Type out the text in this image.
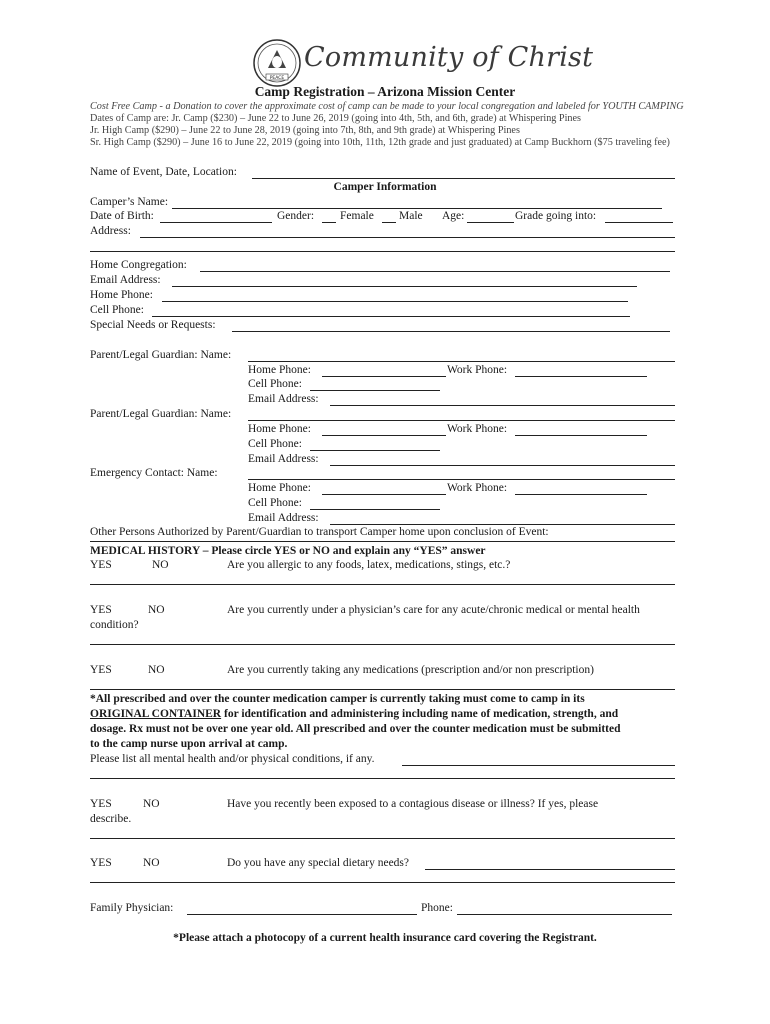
PEACE
Community of Christ
Camp Registration – Arizona Mission Center
Cost Free Camp - a Donation to cover the approximate cost of camp can be made to your local congregation and labeled for YOUTH CAMPING
Dates of Camp are: Jr. Camp ($230) – June 22 to June 26, 2019 (going into 4th, 5th, and 6th, grade) at Whispering Pines
Jr. High Camp ($290) – June 22 to June 28, 2019 (going into 7th, 8th, and 9th grade) at Whispering Pines
Sr. High Camp ($290) – June 16 to June 22, 2019 (going into 10th, 11th, 12th grade and just graduated) at Camp Buckhorn ($75 traveling fee)
Name of Event, Date, Location:
Camper Information
Camper’s Name:
Date of Birth:	Gender: Female Male Age:	Grade going into:
Address:
Home Congregation:
Email Address:
Home Phone:
Cell Phone:
Special Needs or Requests:
Parent/Legal Guardian: Name:
Home Phone:	Work Phone:
Cell Phone:
Email Address:
Parent/Legal Guardian: Name:
Home Phone:	Work Phone:
Cell Phone:
Email Address:
Emergency Contact: Name:
Home Phone:	Work Phone:
Cell Phone:
Email Address:
Other Persons Authorized by Parent/Guardian to transport Camper home upon conclusion of Event:
MEDICAL HISTORY – Please circle YES or NO and explain any “YES” answer
YES	NO	Are you allergic to any foods, latex, medications, stings, etc.?
YES	NO	Are you currently under a physician’s care for any acute/chronic medical or mental health
condition?
YES	NO	Are you currently taking any medications (prescription and/or non prescription)
*All prescribed and over the counter medication camper is currently taking must come to camp in its
ORIGINAL CONTAINER for identification and administering including name of medication, strength, and
dosage. Rx must not be over one year old. All prescribed and over the counter medication must be submitted
to the camp nurse upon arrival at camp.
Please list all mental health and/or physical conditions, if any.
YES	NO	Have you recently been exposed to a contagious disease or illness? If yes, please
describe.
YES	NO	Do you have any special dietary needs?
Family Physician:	Phone:
*Please attach a photocopy of a current health insurance card covering the Registrant.
